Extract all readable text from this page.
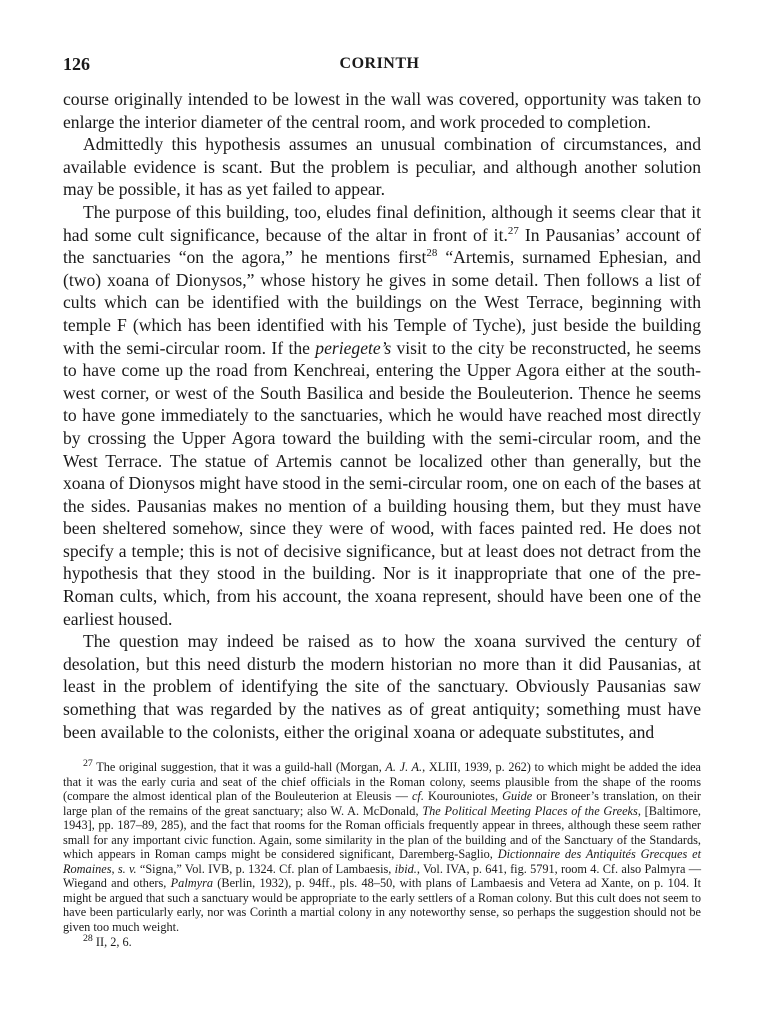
126	CORINTH

course originally intended to be lowest in the wall was covered, opportunity was taken to enlarge the interior diameter of the central room, and work proceded to completion.

Admittedly this hypothesis assumes an unusual combination of circumstances, and available evidence is scant. But the problem is peculiar, and although another solution may be possible, it has as yet failed to appear.

The purpose of this building, too, eludes final definition, although it seems clear that it had some cult significance, because of the altar in front of it.$^{27}$ In Pausanias’ account of the sanctuaries “on the agora,” he mentions first$^{28}$ “Artemis, surnamed Ephesian, and (two) xoana of Dionysos,” whose history he gives in some detail. Then follows a list of cults which can be identified with the buildings on the West Terrace, beginning with temple F (which has been identified with his Temple of Tyche), just beside the building with the semi-circular room. If the periegete’s visit to the city be reconstructed, he seems to have come up the road from Kenchreai, entering the Upper Agora either at the south-west corner, or west of the South Basilica and beside the Bouleuterion. Thence he seems to have gone immediately to the sanctuaries, which he would have reached most directly by crossing the Upper Agora toward the building with the semi-circular room, and the West Terrace. The statue of Artemis cannot be localized other than generally, but the xoana of Dionysos might have stood in the semi-circular room, one on each of the bases at the sides. Pausanias makes no mention of a building housing them, but they must have been sheltered somehow, since they were of wood, with faces painted red. He does not specify a temple; this is not of decisive significance, but at least does not detract from the hypothesis that they stood in the building. Nor is it inappropriate that one of the pre-Roman cults, which, from his account, the xoana represent, should have been one of the earliest housed.

The question may indeed be raised as to how the xoana survived the century of desolation, but this need disturb the modern historian no more than it did Pausanias, at least in the problem of identifying the site of the sanctuary. Obviously Pausanias saw something that was regarded by the natives as of great antiquity; something must have been available to the colonists, either the original xoana or adequate substitutes, and

$^{27}$ The original suggestion, that it was a guild-hall (Morgan, A. J. A., XLIII, 1939, p. 262) to which might be added the idea that it was the early curia and seat of the chief officials in the Roman colony, seems plausible from the shape of the rooms (compare the almost identical plan of the Bouleuterion at Eleusis — cf. Kourouniotes, Guide or Broneer’s translation, on their large plan of the remains of the great sanctuary; also W. A. McDonald, The Political Meeting Places of the Greeks, [Baltimore, 1943], pp. 187–89, 285), and the fact that rooms for the Roman officials frequently appear in threes, although these seem rather small for any important civic function. Again, some similarity in the plan of the building and of the Sanctuary of the Standards, which appears in Roman camps might be considered significant, Daremberg-Saglio, Dictionnaire des Antiquités Grecques et Romaines, s. v. “Signa,” Vol. IVB, p. 1324. Cf. plan of Lambaesis, ibid., Vol. IVA, p. 641, fig. 5791, room 4. Cf. also Palmyra — Wiegand and others, Palmyra (Berlin, 1932), p. 94ff., pls. 48–50, with plans of Lambaesis and Vetera ad Xante, on p. 104. It might be argued that such a sanctuary would be appropriate to the early settlers of a Roman colony. But this cult does not seem to have been particularly early, nor was Corinth a martial colony in any noteworthy sense, so perhaps the suggestion should not be given too much weight.

$^{28}$ II, 2, 6.
